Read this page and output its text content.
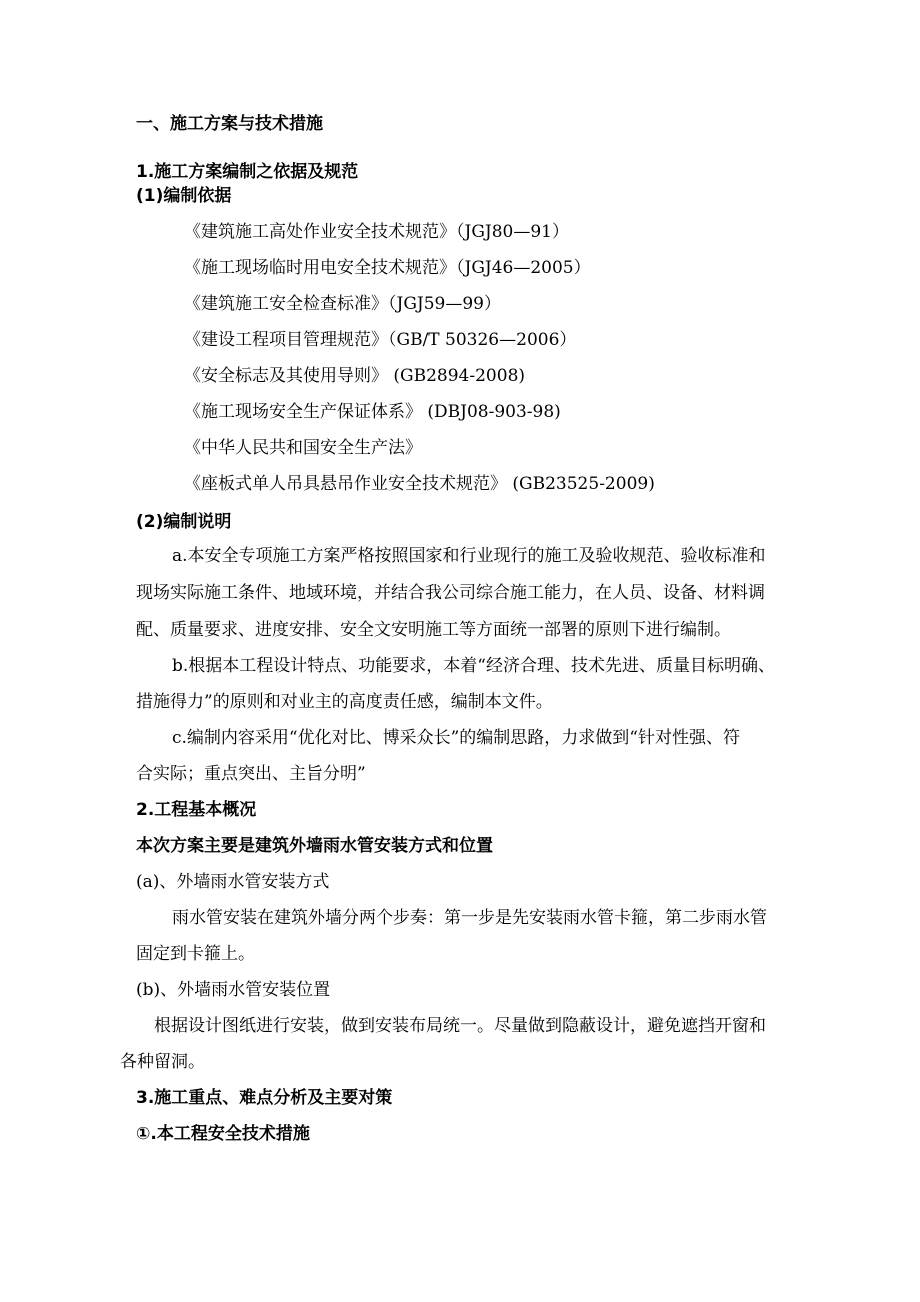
一、施工方案与技术措施
1.施工方案编制之依据及规范
(1)编制依据
《建筑施工高处作业安全技术规范》（JGJ80—91）
《施工现场临时用电安全技术规范》（JGJ46—2005）
《建筑施工安全检查标准》（JGJ59—99）
《建设工程项目管理规范》（GB/T 50326—2006）
《安全标志及其使用导则》 (GB2894-2008)
《施工现场安全生产保证体系》 (DBJ08-903-98)
《中华人民共和国安全生产法》
《座板式单人吊具悬吊作业安全技术规范》 (GB23525-2009)
(2)编制说明
a.本安全专项施工方案严格按照国家和行业现行的施工及验收规范、验收标准和
现场实际施工条件、地域环境，并结合我公司综合施工能力，在人员、设备、材料调
配、质量要求、进度安排、安全文安明施工等方面统一部署的原则下进行编制。
b.根据本工程设计特点、功能要求，本着“经济合理、技术先进、质量目标明确、
措施得力”的原则和对业主的高度责任感，编制本文件。
c.编制内容采用“优化对比、博采众长”的编制思路，力求做到“针对性强、符
合实际；重点突出、主旨分明”
2.工程基本概况
本次方案主要是建筑外墙雨水管安装方式和位置
(a)、外墙雨水管安装方式
雨水管安装在建筑外墙分两个步奏：第一步是先安装雨水管卡箍，第二步雨水管
固定到卡箍上。
(b)、外墙雨水管安装位置
根据设计图纸进行安装，做到安装布局统一。尽量做到隐蔽设计，避免遮挡开窗和
各种留洞。
3.施工重点、难点分析及主要对策
①.本工程安全技术措施
